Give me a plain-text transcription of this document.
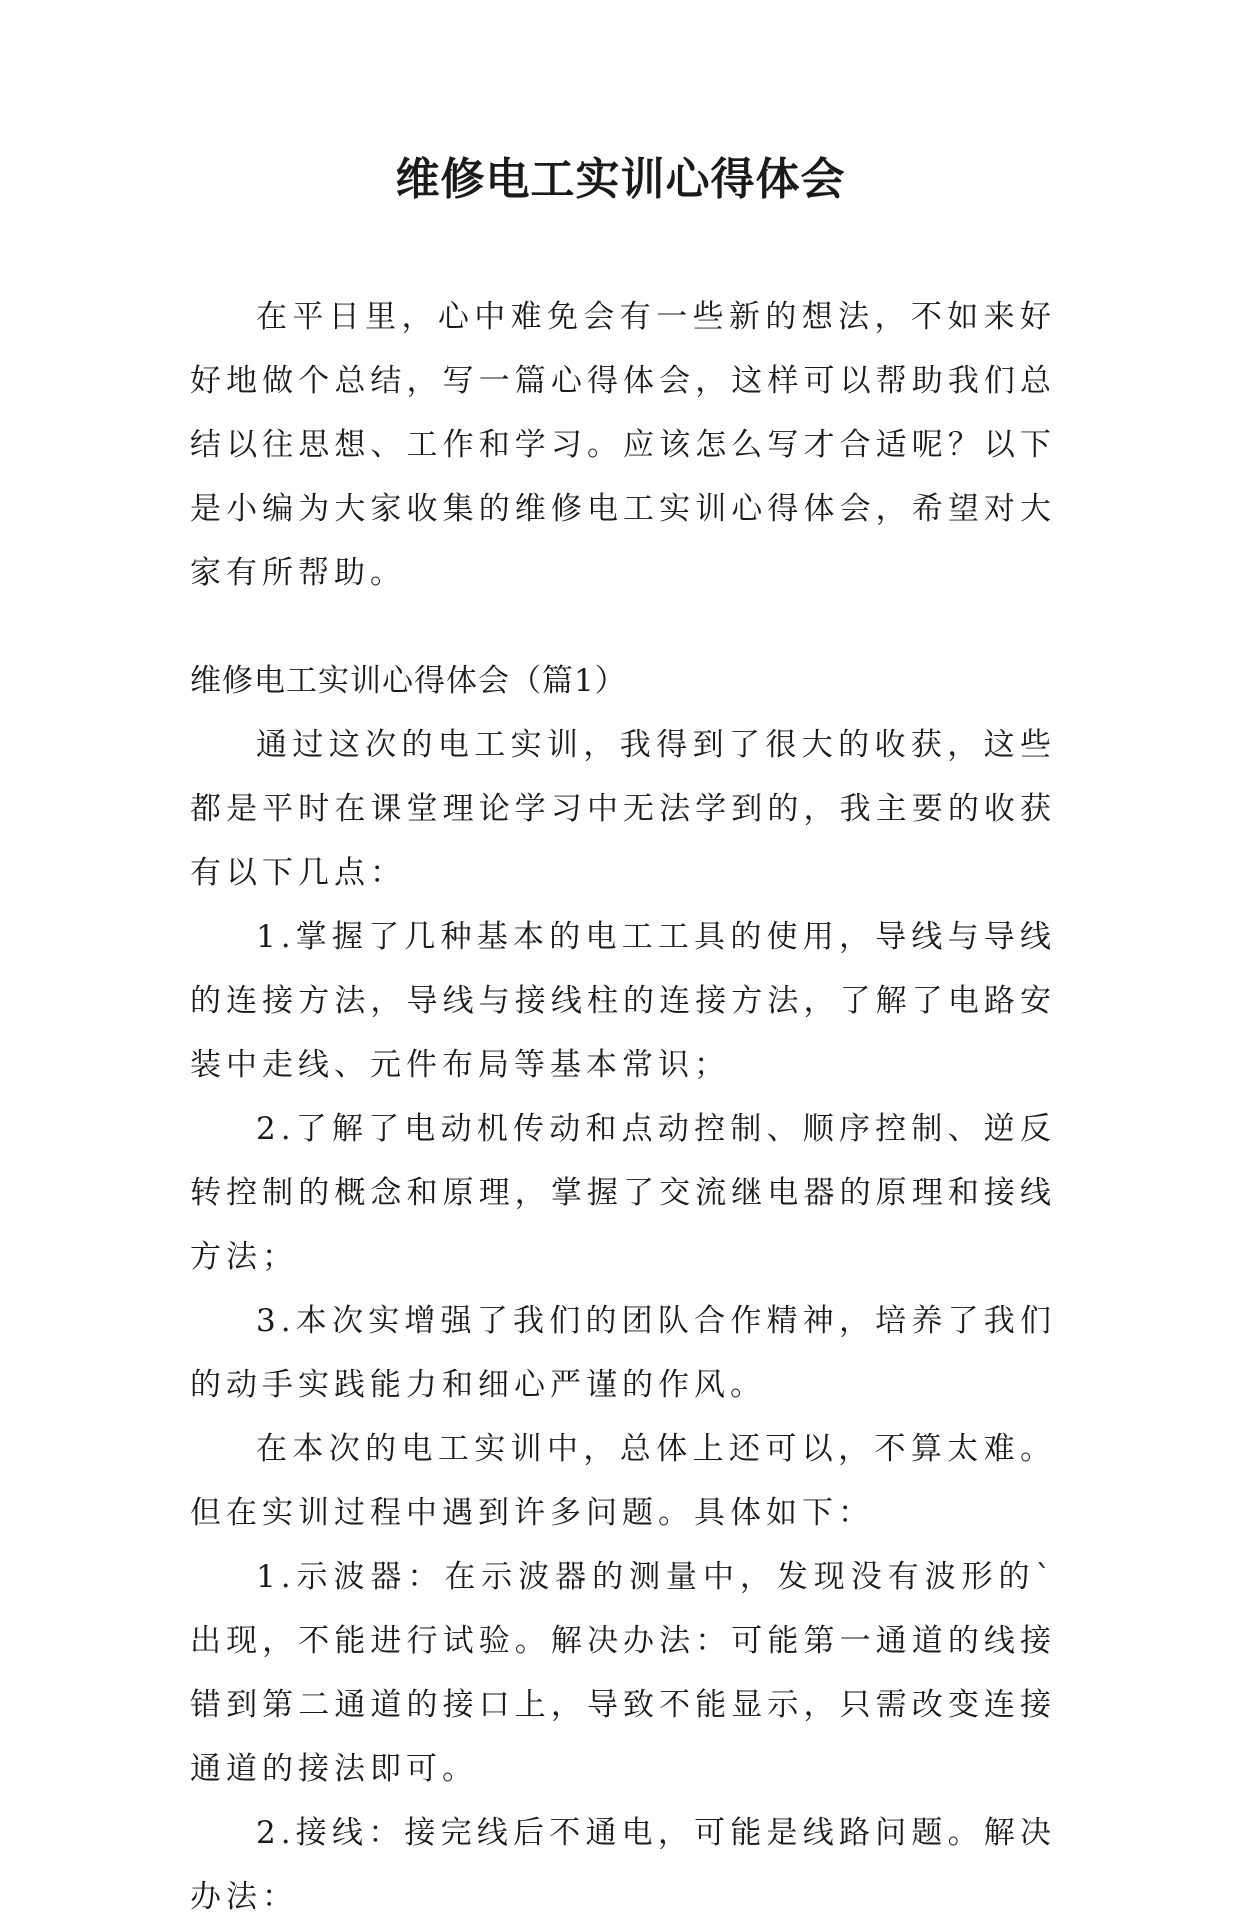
维修电工实训心得体会

在平日里，心中难免会有一些新的想法，不如来好好地做个总结，写一篇心得体会，这样可以帮助我们总结以往思想、工作和学习。应该怎么写才合适呢？以下是小编为大家收集的维修电工实训心得体会，希望对大家有所帮助。

维修电工实训心得体会（篇1）

通过这次的电工实训，我得到了很大的收获，这些都是平时在课堂理论学习中无法学到的，我主要的收获有以下几点：

1.掌握了几种基本的电工工具的使用，导线与导线的连接方法，导线与接线柱的连接方法，了解了电路安装中走线、元件布局等基本常识；

2.了解了电动机传动和点动控制、顺序控制、逆反转控制的概念和原理，掌握了交流继电器的原理和接线方法；

3.本次实增强了我们的团队合作精神，培养了我们的动手实践能力和细心严谨的作风。

在本次的电工实训中，总体上还可以，不算太难。但在实训过程中遇到许多问题。具体如下：

1.示波器：在示波器的测量中，发现没有波形的`出现，不能进行试验。解决办法：可能第一通道的线接错到第二通道的接口上，导致不能显示，只需改变连接通道的接法即可。

2.接线：接完线后不通电，可能是线路问题。解决办法：
